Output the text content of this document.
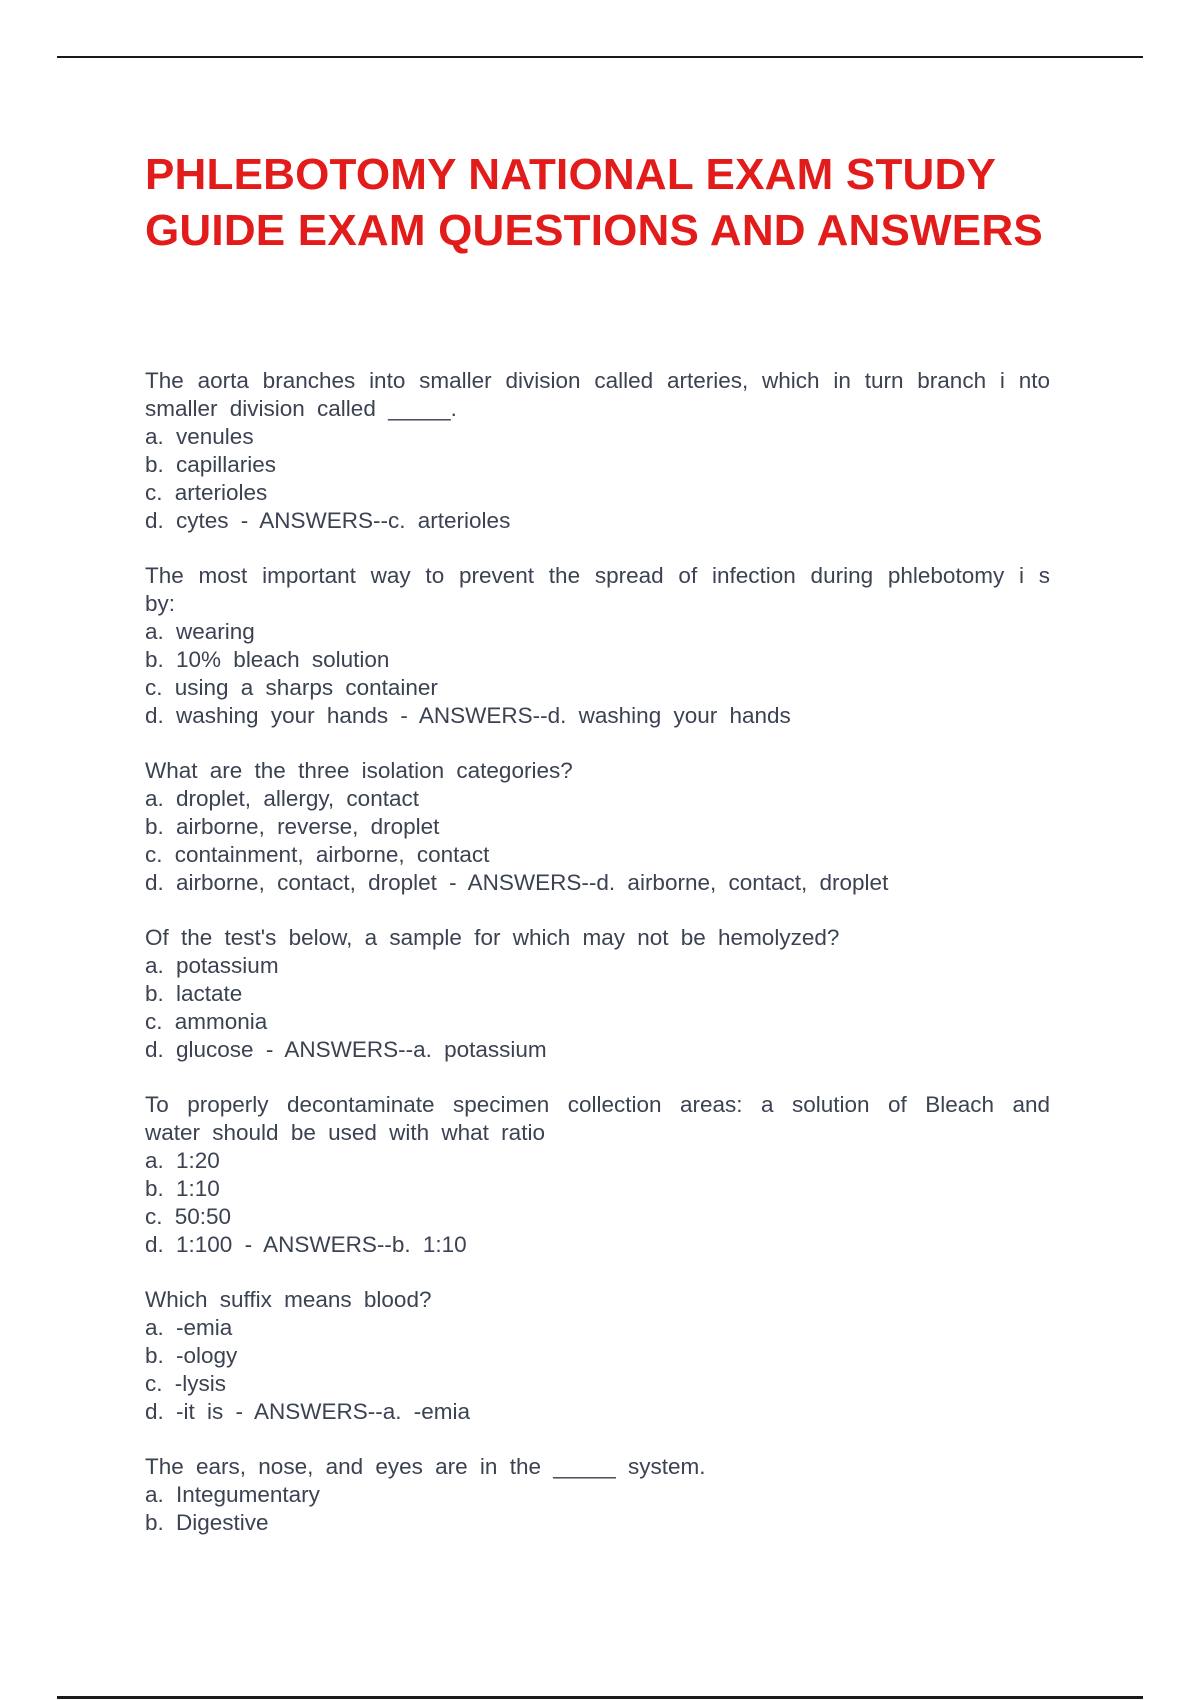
PHLEBOTOMY NATIONAL EXAM STUDY GUIDE EXAM QUESTIONS AND ANSWERS

The aorta branches into smaller division called arteries, which in turn branch i nto smaller division called _____.

a. venules

b. capillaries

c. arterioles

d. cytes - ANSWERS--c. arterioles

The most important way to prevent the spread of infection during phlebotomy i s by:

a. wearing

b. 10% bleach solution

c. using a sharps container

d. washing your hands - ANSWERS--d. washing your hands

What are the three isolation categories?

a. droplet, allergy, contact

b. airborne, reverse, droplet

c. containment, airborne, contact

d. airborne, contact, droplet - ANSWERS--d. airborne, contact, droplet

Of the test's below, a sample for which may not be hemolyzed?

a. potassium

b. lactate

c. ammonia

d. glucose - ANSWERS--a. potassium

To properly decontaminate specimen collection areas: a solution of Bleach and water should be used with what ratio

a. 1:20

b. 1:10

c. 50:50

d. 1:100 - ANSWERS--b. 1:10

Which suffix means blood?

a. -emia

b. -ology

c. -lysis

d. -it is - ANSWERS--a. -emia

The ears, nose, and eyes are in the _____ system.

a. Integumentary

b. Digestive
